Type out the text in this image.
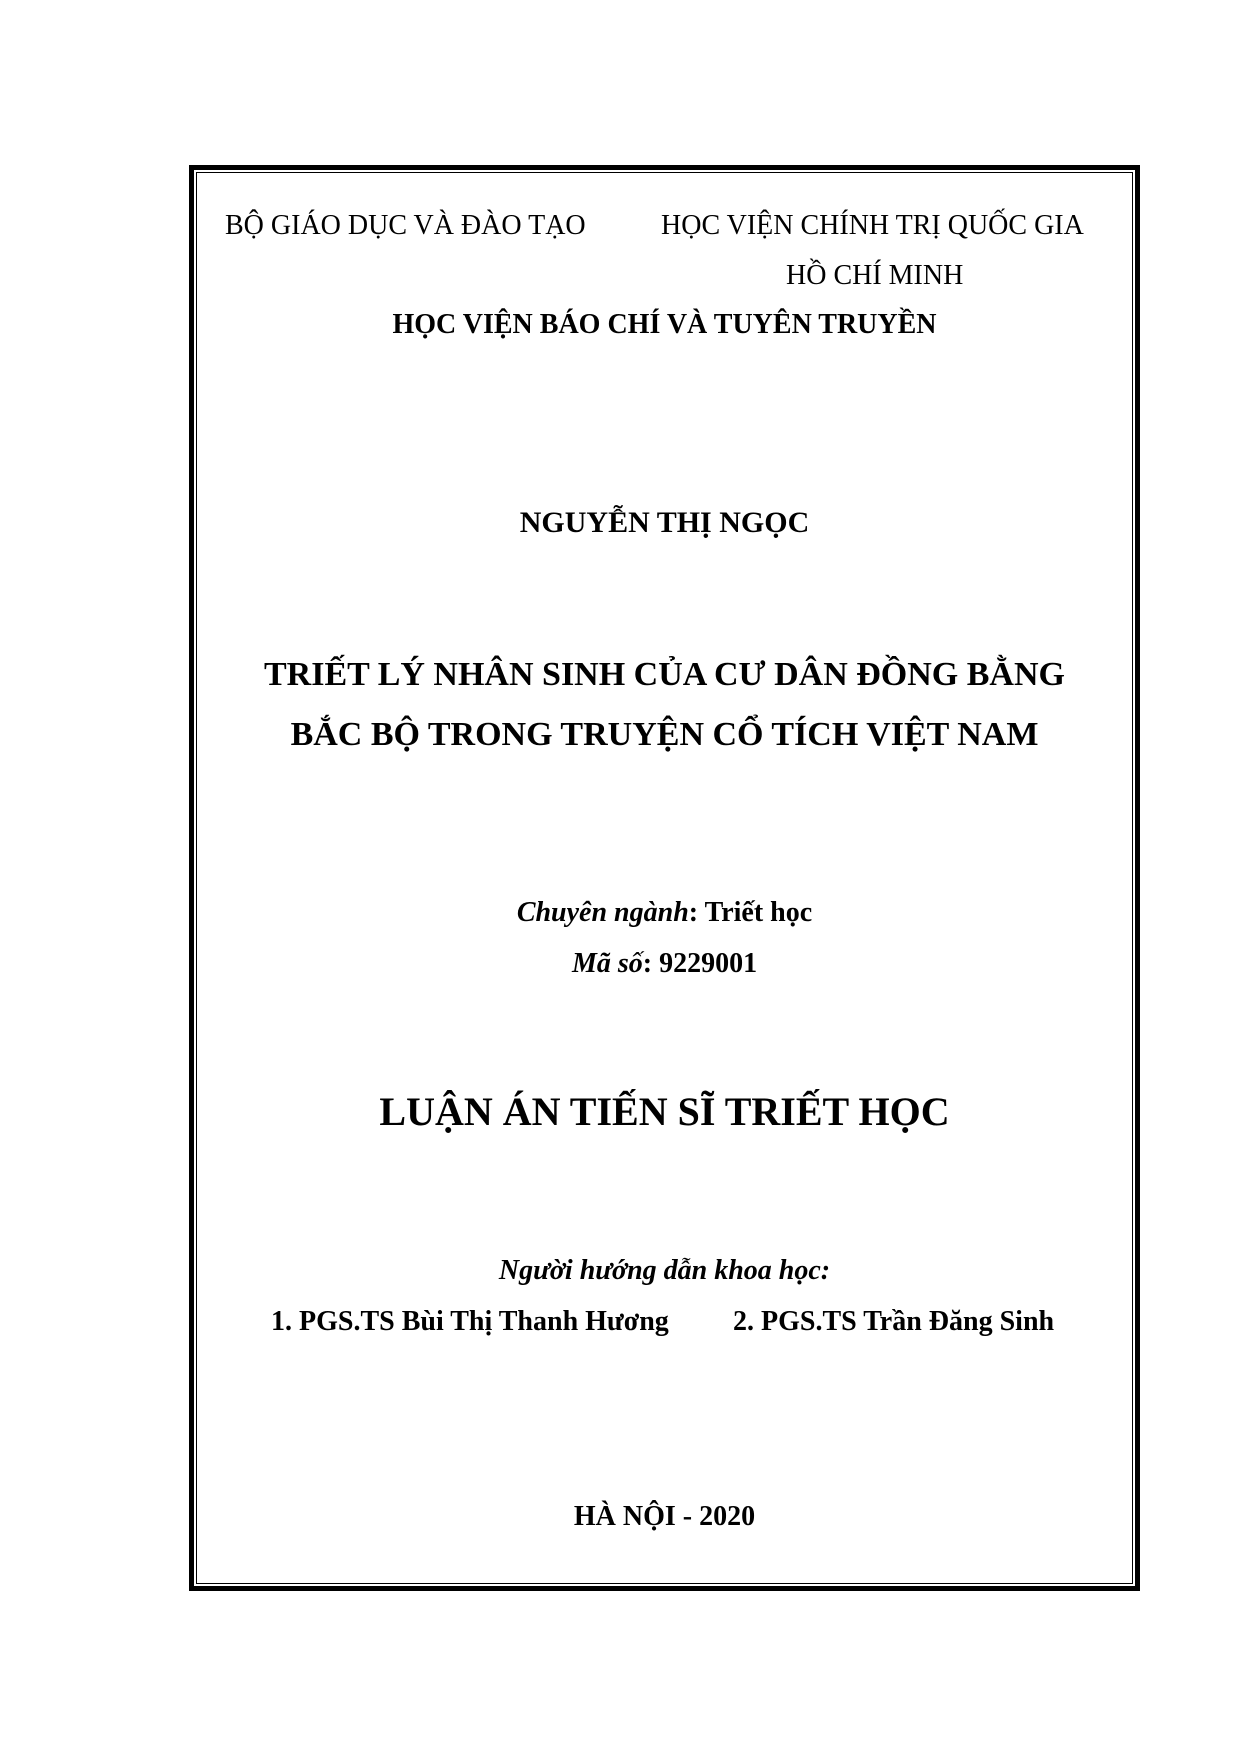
BỘ GIÁO DỤC VÀ ĐÀO TẠO	HỌC VIỆN CHÍNH TRỊ QUỐC GIA
HỒ CHÍ MINH
HỌC VIỆN BÁO CHÍ VÀ TUYÊN TRUYỀN
NGUYỄN THỊ NGỌC
TRIẾT LÝ NHÂN SINH CỦA CƯ DÂN ĐỒNG BẰNG
BẮC BỘ TRONG TRUYỆN CỔ TÍCH VIỆT NAM
Chuyên ngành: Triết học
Mã số: 9229001
LUẬN ÁN TIẾN SĨ TRIẾT HỌC
Người hướng dẫn khoa học:
1. PGS.TS Bùi Thị Thanh Hương 2. PGS.TS Trần Đăng Sinh
HÀ NỘI - 2020
